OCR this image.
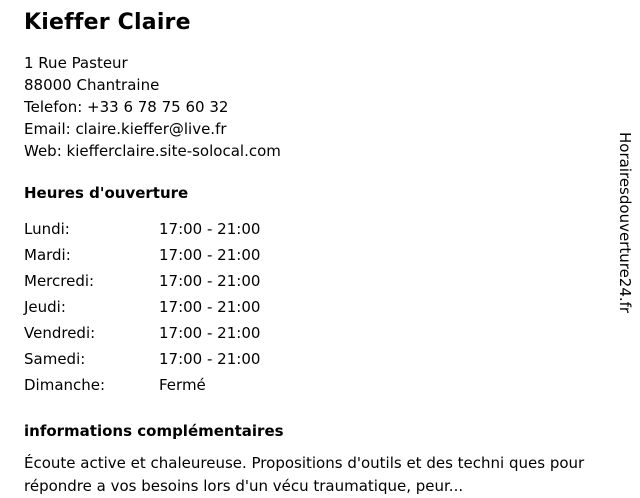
Kieffer Claire
1 Rue Pasteur
88000 Chantraine
Telefon: +33 6 78 75 60 32
Email: claire.kieffer@live.fr
Web: kiefferclaire.site-solocal.com
Heures d'ouverture
Lundi:	17:00 - 21:00
Mardi:	17:00 - 21:00
Mercredi:	17:00 - 21:00
Jeudi:	17:00 - 21:00
Vendredi:	17:00 - 21:00
Samedi:	17:00 - 21:00
Dimanche:	Fermé
informations complémentaires
Écoute active et chaleureuse. Propositions d'outils et des techni ques pour répondre a vos besoins lors d'un vécu traumatique, peur...
Horairesdouverture24.fr
